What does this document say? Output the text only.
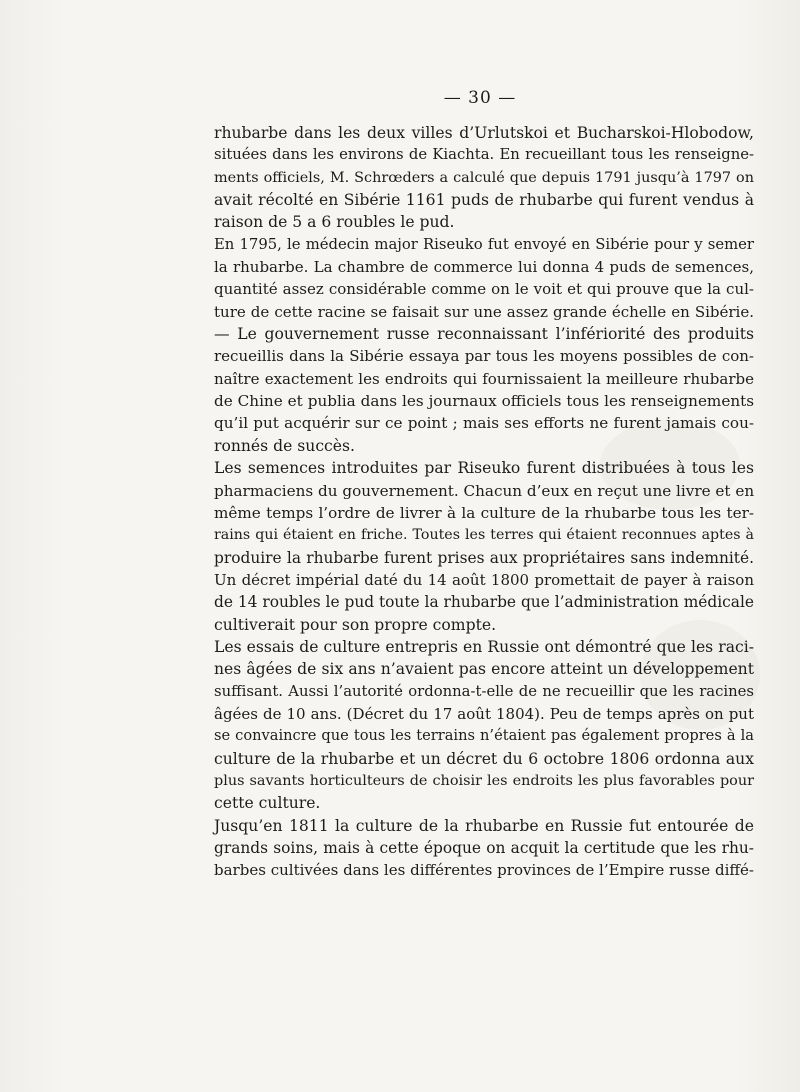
— 30 —

rhubarbe dans les deux villes d’Urlutskoi et Bucharskoi-Hlobodow,
situées dans les environs de Kiachta. En recueillant tous les renseigne-
ments officiels, M. Schrœders a calculé que depuis 1791 jusqu’à 1797 on
avait récolté en Sibérie 1161 puds de rhubarbe qui furent vendus à
raison de 5 a 6 roubles le pud.

En 1795, le médecin major Riseuko fut envoyé en Sibérie pour y semer
la rhubarbe. La chambre de commerce lui donna 4 puds de semences,
quantité assez considérable comme on le voit et qui prouve que la cul-
ture de cette racine se faisait sur une assez grande échelle en Sibérie.
— Le gouvernement russe reconnaissant l’infériorité des produits
recueillis dans la Sibérie essaya par tous les moyens possibles de con-
naître exactement les endroits qui fournissaient la meilleure rhubarbe
de Chine et publia dans les journaux officiels tous les renseignements
qu’il put acquérir sur ce point ; mais ses efforts ne furent jamais cou-
ronnés de succès.

Les semences introduites par Riseuko furent distribuées à tous les
pharmaciens du gouvernement. Chacun d’eux en reçut une livre et en
même temps l’ordre de livrer à la culture de la rhubarbe tous les ter-
rains qui étaient en friche. Toutes les terres qui étaient reconnues aptes à
produire la rhubarbe furent prises aux propriétaires sans indemnité.
Un décret impérial daté du 14 août 1800 promettait de payer à raison
de 14 roubles le pud toute la rhubarbe que l’administration médicale
cultiverait pour son propre compte.

Les essais de culture entrepris en Russie ont démontré que les raci-
nes âgées de six ans n’avaient pas encore atteint un développement
suffisant. Aussi l’autorité ordonna-t-elle de ne recueillir que les racines
âgées de 10 ans. (Décret du 17 août 1804). Peu de temps après on put
se convaincre que tous les terrains n’étaient pas également propres à la
culture de la rhubarbe et un décret du 6 octobre 1806 ordonna aux
plus savants horticulteurs de choisir les endroits les plus favorables pour
cette culture.

Jusqu’en 1811 la culture de la rhubarbe en Russie fut entourée de
grands soins, mais à cette époque on acquit la certitude que les rhu-
barbes cultivées dans les différentes provinces de l’Empire russe diffé-
